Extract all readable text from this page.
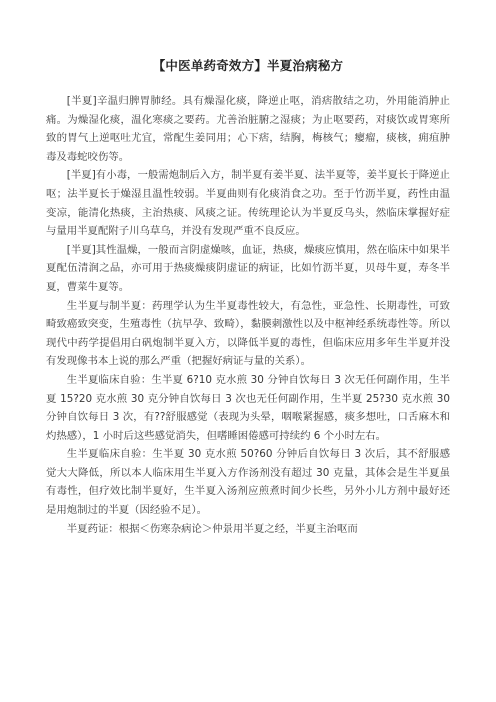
【中医单药奇效方】半夏治病秘方

[半夏]辛温归脾胃肺经。具有燥湿化痰，降逆止呕，消痞散结之功，外用能消肿止痛。为燥湿化痰，温化寒痰之要药。尤善治脏腑之湿痰；为止呕要药，对痰饮或胃寒所致的胃气上逆呕吐尤宜，常配生姜同用；心下痞，结胸，梅核气；瘿瘤，痰核，痈疽肿毒及毒蛇咬伤等。

[半夏]有小毒，一般需炮制后入方，制半夏有姜半夏、法半夏等，姜半夏长于降逆止呕；法半夏长于燥湿且温性较弱。半夏曲则有化痰消食之功。至于竹沥半夏，药性由温变凉，能清化热痰，主治热痰、风痰之证。传统理论认为半夏反乌头，然临床掌握好症与量用半夏配附子川乌草乌，并没有发现严重不良反应。

[半夏]其性温燥，一般而言阴虚燥咳，血证，热痰，燥痰应慎用，然在临床中如果半夏配伍清润之品，亦可用于热痰燥痰阴虚证的病证，比如竹沥半夏，贝母牛夏，寿冬半夏，曹菜牛夏等。

生半夏与制半夏：药理学认为生半夏毒性较大，有急性，亚急性、长期毒性，可致畸致癌致突变，生殖毒性（抗早孕、致畸），黏膜刺激性以及中枢神经系统毒性等。所以现代中药学提倡用白矾炮制半夏入方，以降低半夏的毒性，但临床应用多年生半夏并没有发现像书本上说的那么严重（把握好病证与量的关系）。

生半夏临床自验：生半夏 6?10 克水煎 30 分钟自饮每日 3 次无任何副作用，生半夏 15?20 克水煎 30 克分钟自饮每日 3 次也无任何副作用，生半夏 25?30 克水煎 30 分钟自饮每日 3 次，有??舒服感觉（表现为头晕，咽喉紧握感，痰多想吐，口舌麻木和灼热感），1 小时后这些感觉消失，但嗜睡困倦感可持续约 6 个小时左右。

生半夏临床自验：生半夏 30 克水煎 50?60 分钟后自饮每日 3 次后，其不舒服感觉大大降低，所以本人临床用生半夏入方作汤剂没有超过 30 克量，其体会是生半夏虽有毒性，但疗效比制半夏好，生半夏入汤剂应煎煮时间少长些，另外小儿方剂中最好还是用炮制过的半夏（因经验不足）。

半夏药证：根据＜伤寒杂病论＞仲景用半夏之经，半夏主治呕而
